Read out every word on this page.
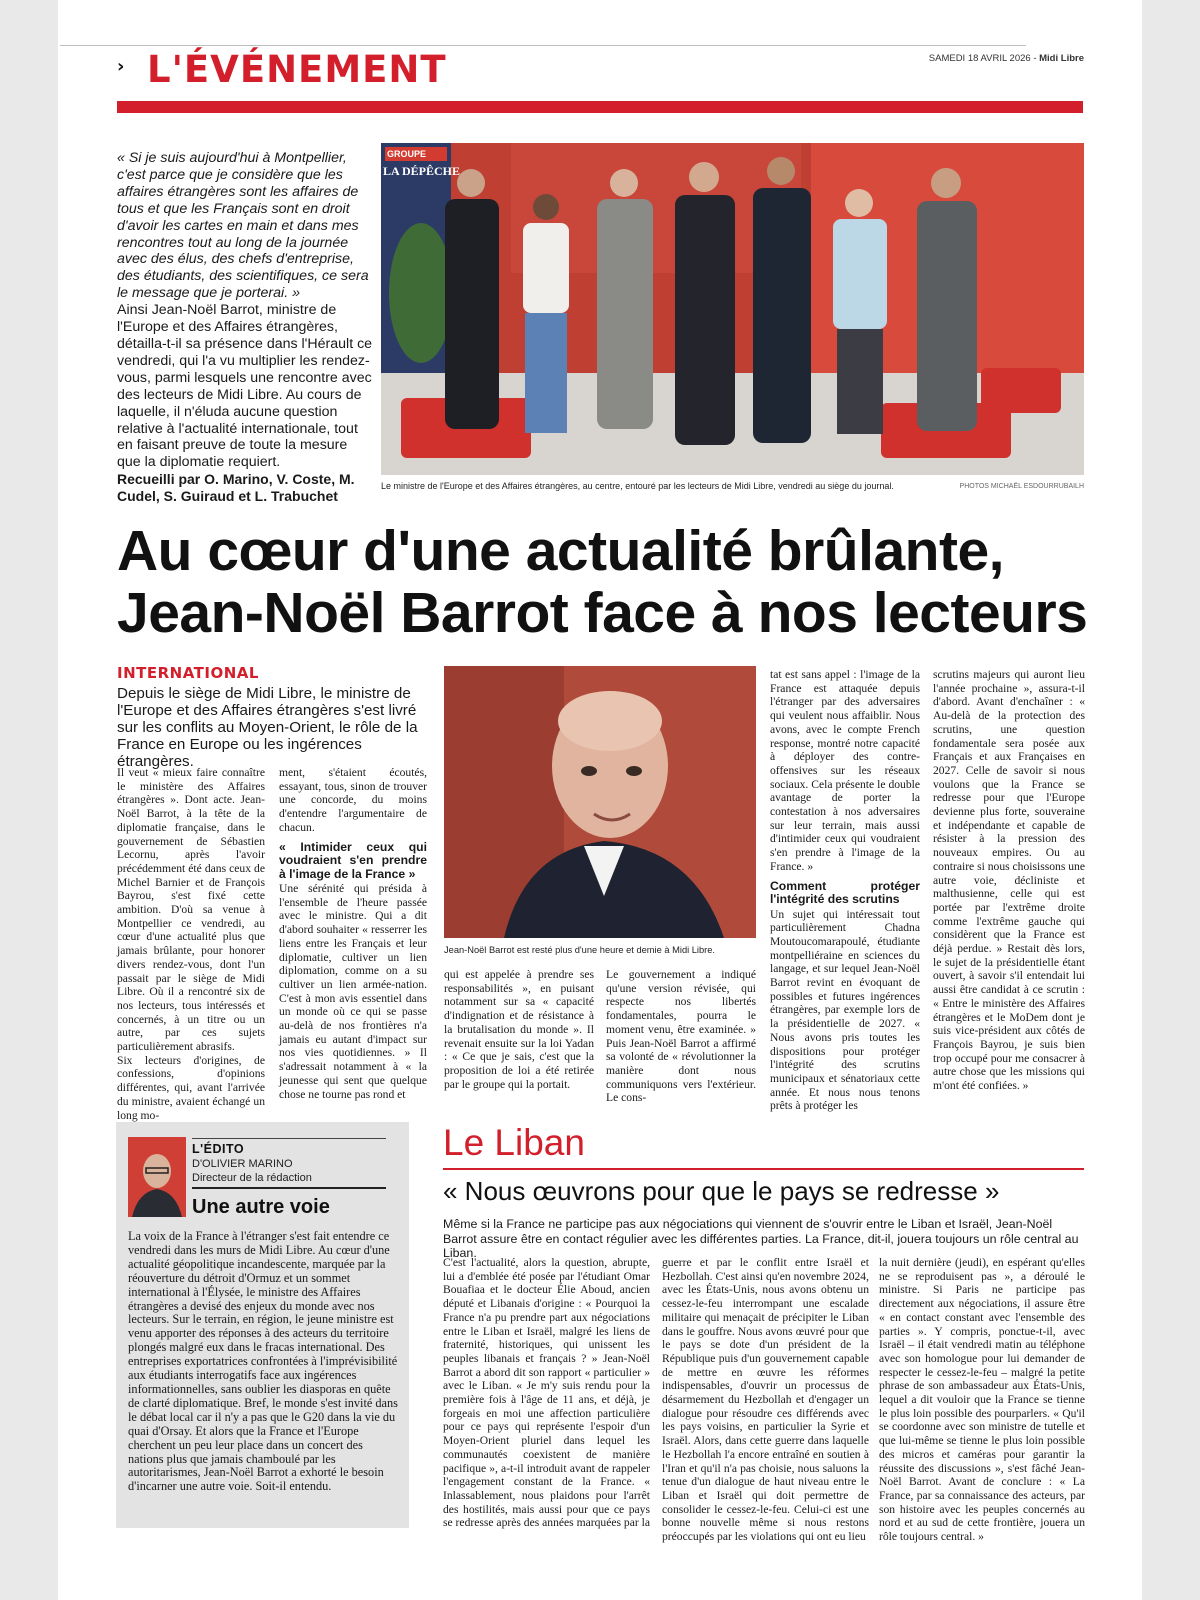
› L'ÉVÉNEMENT	SAMEDI 18 AVRIL 2026 - Midi Libre

« Si je suis aujourd'hui à Montpellier, c'est parce que je considère que les affaires étrangères sont les affaires de tous et que les Français sont en droit d'avoir les cartes en main et dans mes rencontres tout au long de la journée avec des élus, des chefs d'entreprise, des étudiants, des scientifiques, ce sera le message que je porterai. »

Ainsi Jean-Noël Barrot, ministre de l'Europe et des Affaires étrangères, détailla-t-il sa présence dans l'Hérault ce vendredi, qui l'a vu multiplier les rendez-vous, parmi lesquels une rencontre avec des lecteurs de Midi Libre. Au cours de laquelle, il n'éluda aucune question relative à l'actualité internationale, tout en faisant preuve de toute la mesure que la diplomatie requiert.

Recueilli par O. Marino, V. Coste, M. Cudel, S. Guiraud et L. Trabuchet

GROUPE
LA DÉPÊCHE
Le ministre de l'Europe et des Affaires étrangères, au centre, entouré par les lecteurs de Midi Libre, vendredi au siège du journal.	PHOTOS MICHAËL ESDOURRUBAILH
Au cœur d'une actualité brûlante,
Jean-Noël Barrot face à nos lecteurs
INTERNATIONAL
Depuis le siège de Midi Libre, le ministre de l'Europe et des Affaires étrangères s'est livré sur les conflits au Moyen-Orient, le rôle de la France en Europe ou les ingérences étrangères.

Il veut « mieux faire connaître le ministère des Affaires étrangères ». Dont acte. Jean-Noël Barrot, à la tête de la diplomatie française, dans le gouvernement de Sébastien Lecornu, après l'avoir précédemment été dans ceux de Michel Barnier et de François Bayrou, s'est fixé cette ambition. D'où sa venue à Montpellier ce vendredi, au cœur d'une actualité plus que jamais brûlante, pour honorer divers rendez-vous, dont l'un passait par le siège de Midi Libre. Où il a rencontré six de nos lecteurs, tous intéressés et concernés, à un titre ou un autre, par ces sujets particulièrement abrasifs.

Six lecteurs d'origines, de confessions, d'opinions différentes, qui, avant l'arrivée du ministre, avaient échangé un long mo-

ment, s'étaient écoutés, essayant, tous, sinon de trouver une concorde, du moins d'entendre l'argumentaire de chacun.

« Intimider ceux qui voudraient s'en prendre à l'image de la France »

Une sérénité qui présida à l'ensemble de l'heure passée avec le ministre. Qui a dit d'abord souhaiter « resserrer les liens entre les Français et leur diplomatie, cultiver un lien diplomation, comme on a su cultiver un lien armée-nation. C'est à mon avis essentiel dans un monde où ce qui se passe au-delà de nos frontières n'a jamais eu autant d'impact sur nos vies quotidiennes. » Il s'adressait notamment à « la jeunesse qui sent que quelque chose ne tourne pas rond et

Jean-Noël Barrot est resté plus d'une heure et demie à Midi Libre.

qui est appelée à prendre ses responsabilités », en puisant notamment sur sa « capacité d'indignation et de résistance à la brutalisation du monde ». Il revenait ensuite sur la loi Yadan : « Ce que je sais, c'est que la proposition de loi a été retirée par le groupe qui la portait.

Le gouvernement a indiqué qu'une version révisée, qui respecte nos libertés fondamentales, pourra le moment venu, être examinée. » Puis Jean-Noël Barrot a affirmé sa volonté de « révolutionner la manière dont nous communiquons vers l'extérieur. Le cons-

tat est sans appel : l'image de la France est attaquée depuis l'étranger par des adversaires qui veulent nous affaiblir. Nous avons, avec le compte French response, montré notre capacité à déployer des contre-offensives sur les réseaux sociaux. Cela présente le double avantage de porter la contestation à nos adversaires sur leur terrain, mais aussi d'intimider ceux qui voudraient s'en prendre à l'image de la France. »

Comment protéger l'intégrité des scrutins

Un sujet qui intéressait tout particulièrement Chadna Moutoucomarapoulé, étudiante montpelliéraine en sciences du langage, et sur lequel Jean-Noël Barrot revint en évoquant de possibles et futures ingérences étrangères, par exemple lors de la présidentielle de 2027. « Nous avons pris toutes les dispositions pour protéger l'intégrité des scrutins municipaux et sénatoriaux cette année. Et nous nous tenons prêts à protéger les

scrutins majeurs qui auront lieu l'année prochaine », assura-t-il d'abord. Avant d'enchaîner : « Au-delà de la protection des scrutins, une question fondamentale sera posée aux Français et aux Françaises en 2027. Celle de savoir si nous voulons que la France se redresse pour que l'Europe devienne plus forte, souveraine et indépendante et capable de résister à la pression des nouveaux empires. Ou au contraire si nous choisissons une autre voie, décliniste et malthusienne, celle qui est portée par l'extrême droite comme l'extrême gauche qui considèrent que la France est déjà perdue. » Restait dès lors, le sujet de la présidentielle étant ouvert, à savoir s'il entendait lui aussi être candidat à ce scrutin : « Entre le ministère des Affaires étrangères et le MoDem dont je suis vice-président aux côtés de François Bayrou, je suis bien trop occupé pour me consacrer à autre chose que les missions qui m'ont été confiées. »

L'ÉDITO
D'OLIVIER MARINO
Directeur de la rédaction
Une autre voie
La voix de la France à l'étranger s'est fait entendre ce vendredi dans les murs de Midi Libre. Au cœur d'une actualité géopolitique incandescente, marquée par la réouverture du détroit d'Ormuz et un sommet international à l'Élysée, le ministre des Affaires étrangères a devisé des enjeux du monde avec nos lecteurs. Sur le terrain, en région, le jeune ministre est venu apporter des réponses à des acteurs du territoire plongés malgré eux dans le fracas international. Des entreprises exportatrices confrontées à l'imprévisibilité aux étudiants interrogatifs face aux ingérences informationnelles, sans oublier les diasporas en quête de clarté diplomatique. Bref, le monde s'est invité dans le débat local car il n'y a pas que le G20 dans la vie du quai d'Orsay. Et alors que la France et l'Europe cherchent un peu leur place dans un concert des nations plus que jamais chamboulé par les autoritarismes, Jean-Noël Barrot a exhorté le besoin d'incarner une autre voie. Soit-il entendu.
Le Liban
« Nous œuvrons pour que le pays se redresse »
Même si la France ne participe pas aux négociations qui viennent de s'ouvrir entre le Liban et Israël, Jean-Noël Barrot assure être en contact régulier avec les différentes parties. La France, dit-il, jouera toujours un rôle central au Liban.

C'est l'actualité, alors la question, abrupte, lui a d'emblée été posée par l'étudiant Omar Bouafiaa et le docteur Élie Aboud, ancien député et Libanais d'origine : « Pourquoi la France n'a pu prendre part aux négociations entre le Liban et Israël, malgré les liens de fraternité, historiques, qui unissent les peuples libanais et français ? » Jean-Noël Barrot a abord dit son rapport « particulier » avec le Liban. « Je m'y suis rendu pour la première fois à l'âge de 11 ans, et déjà, je forgeais en moi une affection particulière pour ce pays qui représente l'espoir d'un Moyen-Orient pluriel dans lequel les communautés coexistent de manière pacifique », a-t-il introduit avant de rappeler l'engagement constant de la France. « Inlassablement, nous plaidons pour l'arrêt des hostilités, mais aussi pour que ce pays se redresse après des années marquées par la

guerre et par le conflit entre Israël et Hezbollah. C'est ainsi qu'en novembre 2024, avec les États-Unis, nous avons obtenu un cessez-le-feu interrompant une escalade militaire qui menaçait de précipiter le Liban dans le gouffre. Nous avons œuvré pour que le pays se dote d'un président de la République puis d'un gouvernement capable de mettre en œuvre les réformes indispensables, d'ouvrir un processus de désarmement du Hezbollah et d'engager un dialogue pour résoudre ces différends avec les pays voisins, en particulier la Syrie et Israël. Alors, dans cette guerre dans laquelle le Hezbollah l'a encore entraîné en soutien à l'Iran et qu'il n'a pas choisie, nous saluons la tenue d'un dialogue de haut niveau entre le Liban et Israël qui doit permettre de consolider le cessez-le-feu. Celui-ci est une bonne nouvelle même si nous restons préoccupés par les violations qui ont eu lieu

la nuit dernière (jeudi), en espérant qu'elles ne se reproduisent pas », a déroulé le ministre. Si Paris ne participe pas directement aux négociations, il assure être « en contact constant avec l'ensemble des parties ». Y compris, ponctue-t-il, avec Israël – il était vendredi matin au téléphone avec son homologue pour lui demander de respecter le cessez-le-feu – malgré la petite phrase de son ambassadeur aux États-Unis, lequel a dit vouloir que la France se tienne le plus loin possible des pourparlers. « Qu'il se coordonne avec son ministre de tutelle et que lui-même se tienne le plus loin possible des micros et caméras pour garantir la réussite des discussions », s'est fâché Jean-Noël Barrot. Avant de conclure : « La France, par sa connaissance des acteurs, par son histoire avec les peuples concernés au nord et au sud de cette frontière, jouera un rôle toujours central. »
